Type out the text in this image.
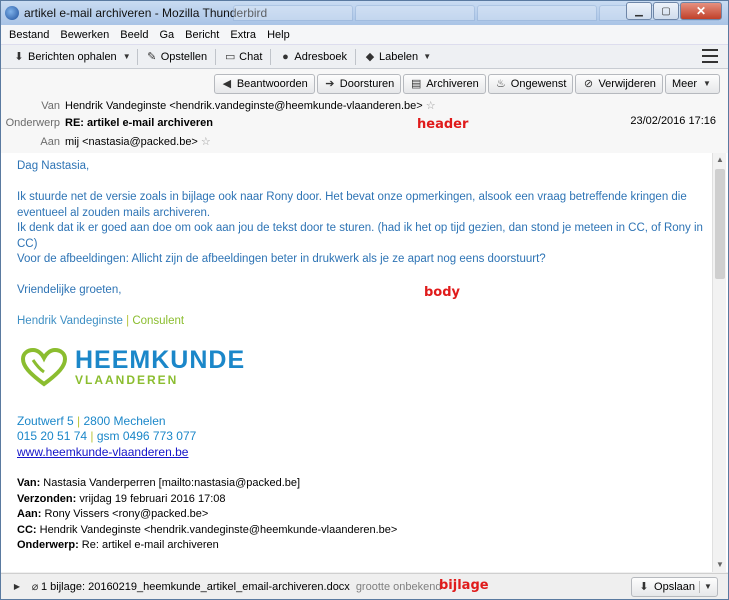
artikel e-mail archiveren - Mozilla Thunderbird	▁	▢	✕
Bestand Bewerken Beeld Ga Bericht Extra Help
⬇ Berichten ophalen ▼ ✎ Opstellen ▭ Chat ● Adresboek ◆ Labelen ▼
◀ Beantwoorden ➔ Doorsturen ▤ Archiveren ♨ Ongewenst ⊘ Verwijderen Meer ▼
Van Hendrik Vandeginste <hendrik.vandeginste@heemkunde-vlaanderen.be> ☆
Onderwerp RE: artikel e-mail archiveren
Aan mij <nastasia@packed.be> ☆
23/02/2016 17:16
header

Dag Nastasia,

Ik stuurde net de versie zoals in bijlage ook naar Rony door. Het bevat onze opmerkingen, alsook een vraag betreffende kringen die eventueel al zouden mails archiveren.
Ik denk dat ik er goed aan doe om ook aan jou de tekst door te sturen. (had ik het op tijd gezien, dan stond je meteen in CC, of Rony in CC)

Voor de afbeeldingen: Allicht zijn de afbeeldingen beter in drukwerk als je ze apart nog eens doorstuurt?

Vriendelijke groeten,

Hendrik Vandeginste | Consulent
HEEMKUNDE
VLAANDEREN
Zoutwerf 5 | 2800 Mechelen
015 20 51 74 | gsm 0496 773 077
www.heemkunde-vlaanderen.be
Van: Nastasia Vanderperren [mailto:nastasia@packed.be]
Verzonden: vrijdag 19 februari 2016 17:08
Aan: Rony Vissers <rony@packed.be>
CC: Hendrik Vandeginste <hendrik.vandeginste@heemkunde-vlaanderen.be>
Onderwerp: Re: artikel e-mail archiveren
body
▲
▼
▶ ⌀ 1 bijlage: 20160219_heemkunde_artikel_email-archiveren.docx grootte onbekend
bijlage	⬇ Opslaan	▼
